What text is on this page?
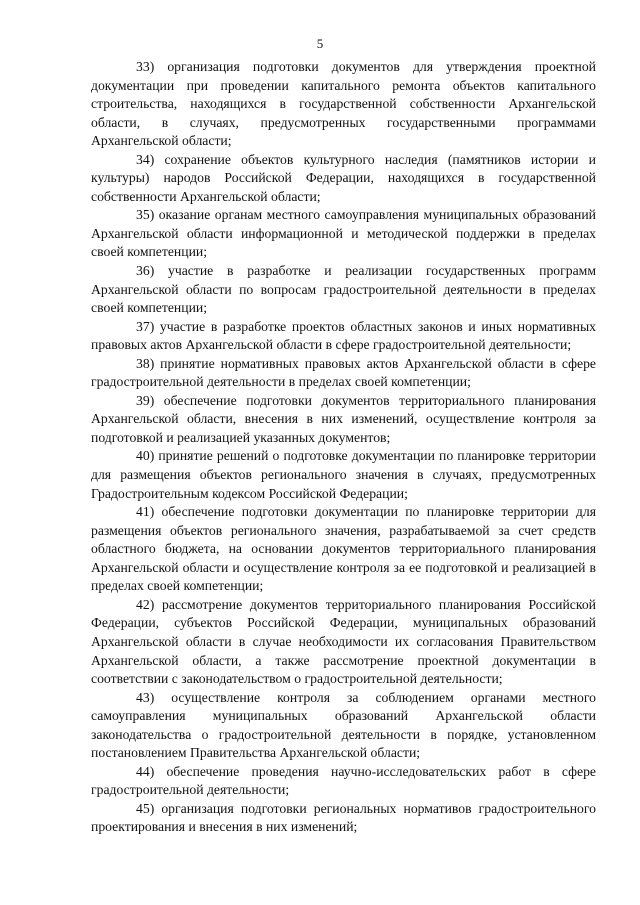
5

33) организация подготовки документов для утверждения проектной документации при проведении капитального ремонта объектов капитального строительства, находящихся в государственной собственности Архангельской области, в случаях, предусмотренных государственными программами Архангельской области;

34) сохранение объектов культурного наследия (памятников истории и культуры) народов Российской Федерации, находящихся в государственной собственности Архангельской области;

35) оказание органам местного самоуправления муниципальных образований Архангельской области информационной и методической поддержки в пределах своей компетенции;

36) участие в разработке и реализации государственных программ Архангельской области по вопросам градостроительной деятельности в пределах своей компетенции;

37) участие в разработке проектов областных законов и иных нормативных правовых актов Архангельской области в сфере градостроительной деятельности;

38) принятие нормативных правовых актов Архангельской области в сфере градостроительной деятельности в пределах своей компетенции;

39) обеспечение подготовки документов территориального планирования Архангельской области, внесения в них изменений, осуществление контроля за подготовкой и реализацией указанных документов;

40) принятие решений о подготовке документации по планировке территории для размещения объектов регионального значения в случаях, предусмотренных Градостроительным кодексом Российской Федерации;

41) обеспечение подготовки документации по планировке территории для размещения объектов регионального значения, разрабатываемой за счет средств областного бюджета, на основании документов территориального планирования Архангельской области и осуществление контроля за ее подготовкой и реализацией в пределах своей компетенции;

42) рассмотрение документов территориального планирования Российской Федерации, субъектов Российской Федерации, муниципальных образований Архангельской области в случае необходимости их согласования Правительством Архангельской области, а также рассмотрение проектной документации в соответствии с законодательством о градостроительной деятельности;

43) осуществление контроля за соблюдением органами местного самоуправления муниципальных образований Архангельской области законодательства о градостроительной деятельности в порядке, установленном постановлением Правительства Архангельской области;

44) обеспечение проведения научно-исследовательских работ в сфере градостроительной деятельности;

45) организация подготовки региональных нормативов градостроительного проектирования и внесения в них изменений;
